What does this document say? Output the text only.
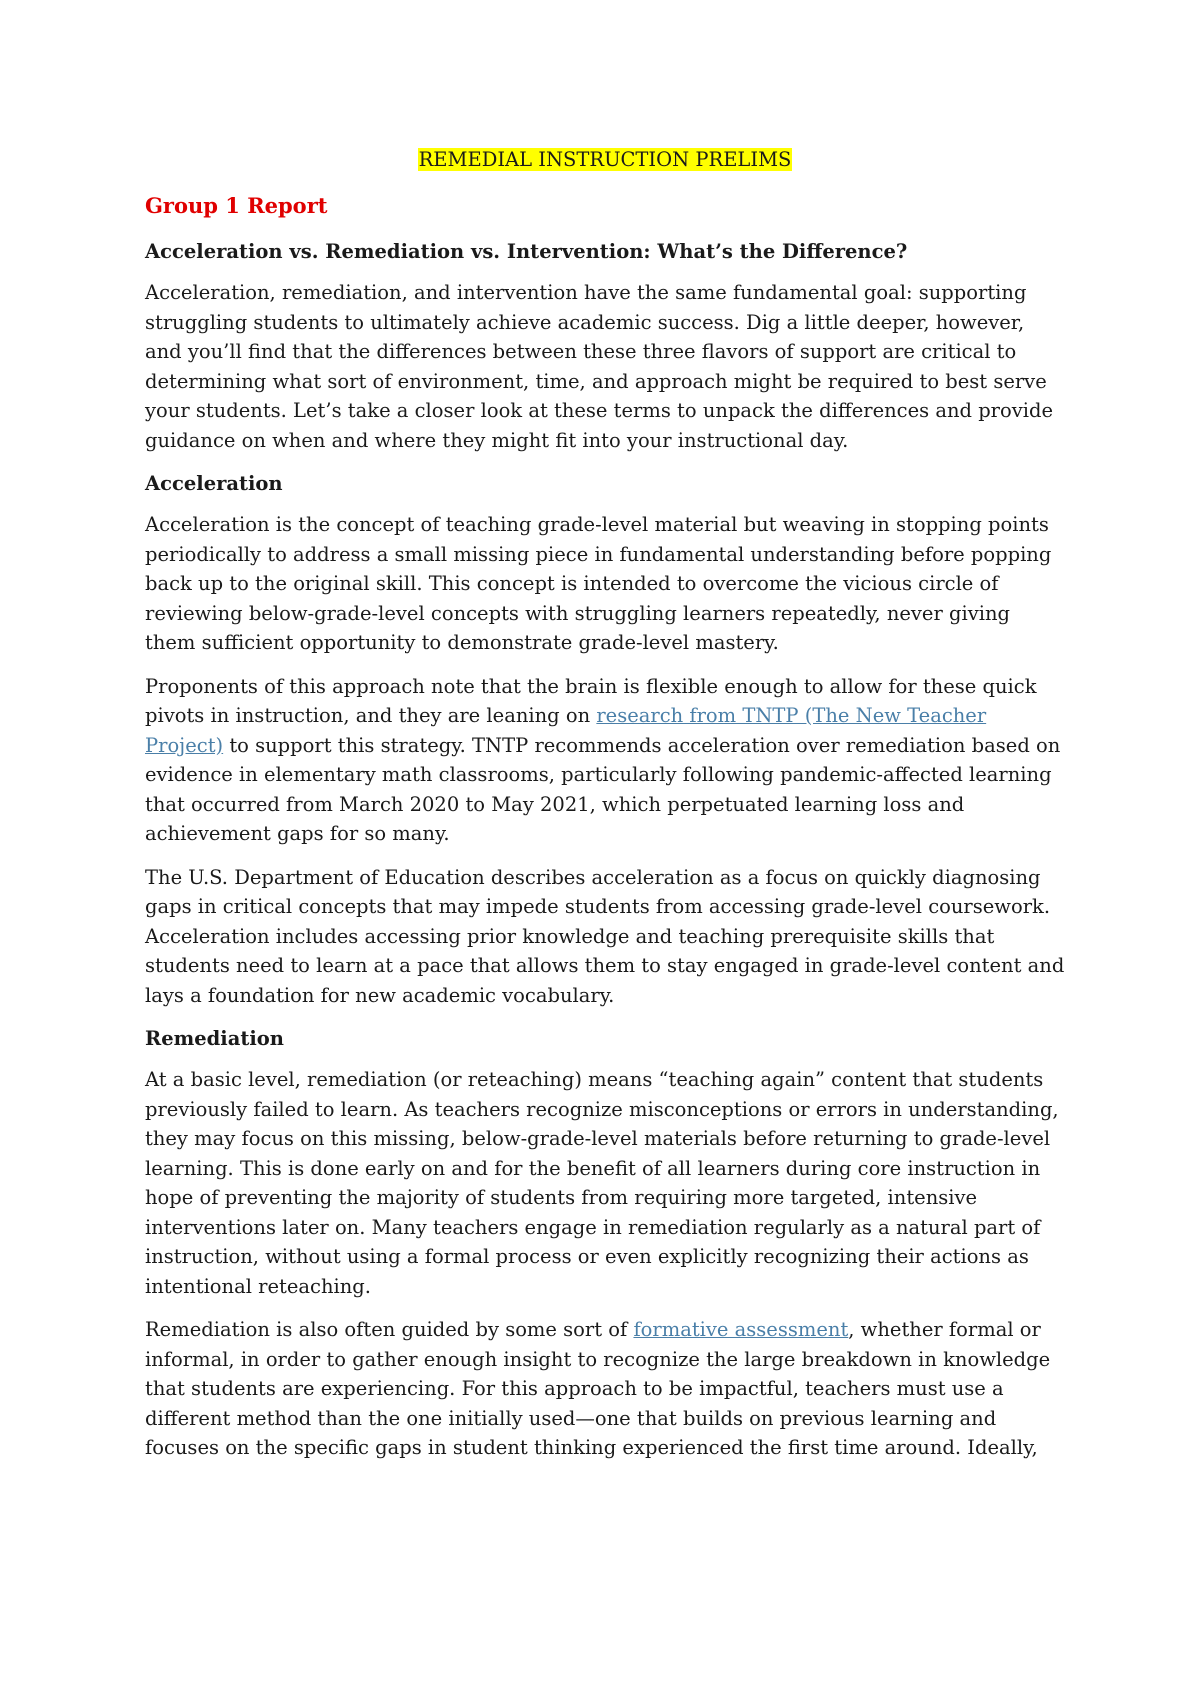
REMEDIAL INSTRUCTION PRELIMS
Group 1 Report
Acceleration vs. Remediation vs. Intervention: What’s the Difference?

Acceleration, remediation, and intervention have the same fundamental goal: supporting struggling students to ultimately achieve academic success. Dig a little deeper, however, and you’ll find that the differences between these three flavors of support are critical to determining what sort of environment, time, and approach might be required to best serve your students. Let’s take a closer look at these terms to unpack the differences and provide guidance on when and where they might fit into your instructional day.

Acceleration

Acceleration is the concept of teaching grade-level material but weaving in stopping points periodically to address a small missing piece in fundamental understanding before popping back up to the original skill. This concept is intended to overcome the vicious circle of reviewing below-grade-level concepts with struggling learners repeatedly, never giving them sufficient opportunity to demonstrate grade-level mastery.

Proponents of this approach note that the brain is flexible enough to allow for these quick pivots in instruction, and they are leaning on research from TNTP (The New Teacher Project) to support this strategy. TNTP recommends acceleration over remediation based on evidence in elementary math classrooms, particularly following pandemic-affected learning that occurred from March 2020 to May 2021, which perpetuated learning loss and achievement gaps for so many.

The U.S. Department of Education describes acceleration as a focus on quickly diagnosing gaps in critical concepts that may impede students from accessing grade-level coursework. Acceleration includes accessing prior knowledge and teaching prerequisite skills that students need to learn at a pace that allows them to stay engaged in grade-level content and lays a foundation for new academic vocabulary.

Remediation

At a basic level, remediation (or reteaching) means “teaching again” content that students previously failed to learn. As teachers recognize misconceptions or errors in understanding, they may focus on this missing, below-grade-level materials before returning to grade-level learning. This is done early on and for the benefit of all learners during core instruction in hope of preventing the majority of students from requiring more targeted, intensive interventions later on. Many teachers engage in remediation regularly as a natural part of instruction, without using a formal process or even explicitly recognizing their actions as intentional reteaching.

Remediation is also often guided by some sort of formative assessment, whether formal or informal, in order to gather enough insight to recognize the large breakdown in knowledge that students are experiencing. For this approach to be impactful, teachers must use a different method than the one initially used—one that builds on previous learning and focuses on the specific gaps in student thinking experienced the first time around. Ideally,
